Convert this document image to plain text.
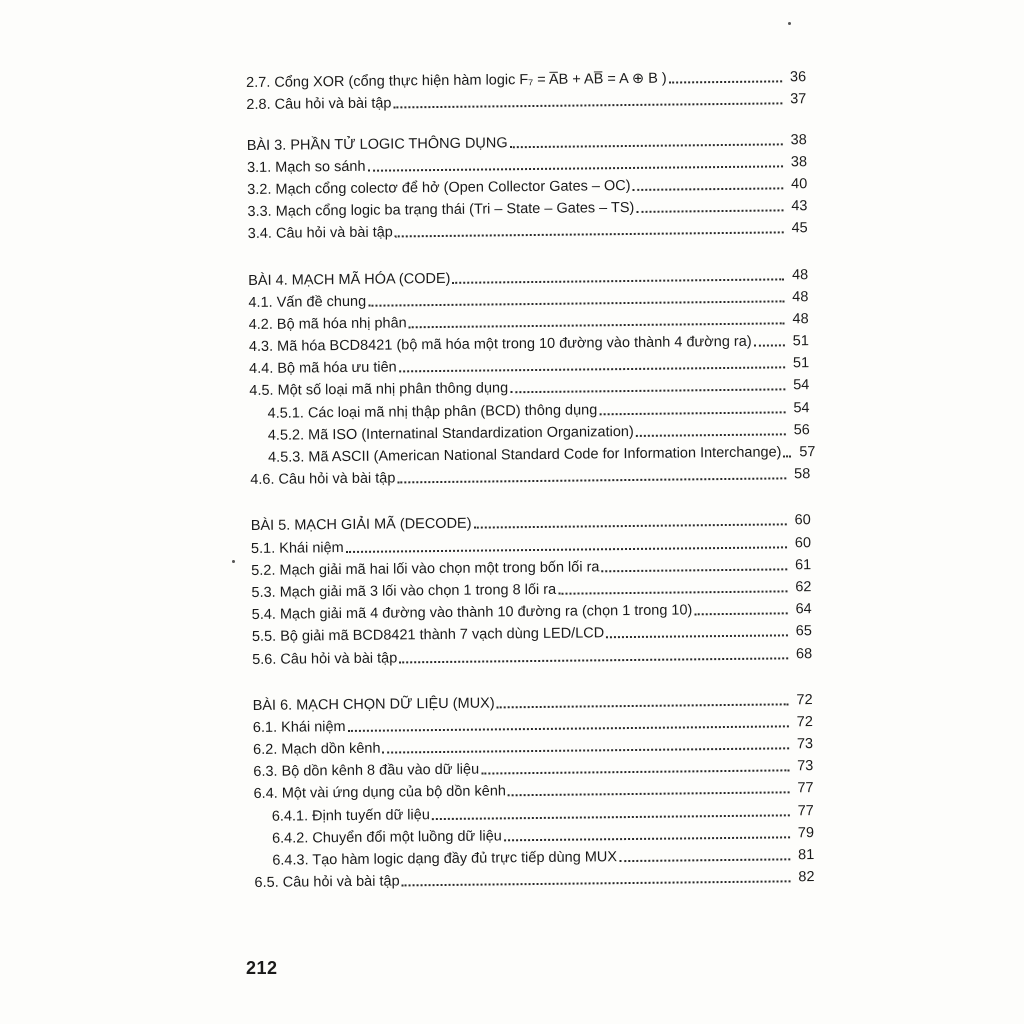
2.7. Cổng XOR (cổng thực hiện hàm logic F₇ = A̅B + AB̅ = A ⊕ B )	36
2.8. Câu hỏi và bài tập	37
BÀI 3. PHẦN TỬ LOGIC THÔNG DỤNG	38
3.1. Mạch so sánh	38
3.2. Mạch cổng colectơ để hở (Open Collector Gates – OC)	40
3.3. Mạch cổng logic ba trạng thái (Tri – State – Gates – TS)	43
3.4. Câu hỏi và bài tập	45
BÀI 4. MẠCH MÃ HÓA (CODE)	48
4.1. Vấn đề chung	48
4.2. Bộ mã hóa nhị phân	48
4.3. Mã hóa BCD8421 (bộ mã hóa một trong 10 đường vào thành 4 đường ra)	51
4.4. Bộ mã hóa ưu tiên	51
4.5. Một số loại mã nhị phân thông dụng	54
4.5.1. Các loại mã nhị thập phân (BCD) thông dụng	54
4.5.2. Mã ISO (Internatinal Standardization Organization)	56
4.5.3. Mã ASCII (American National Standard Code for Information Interchange)	57
4.6. Câu hỏi và bài tập	58
BÀI 5. MẠCH GIẢI MÃ (DECODE)	60
5.1. Khái niệm	60
5.2. Mạch giải mã hai lối vào chọn một trong bốn lối ra	61
5.3. Mạch giải mã 3 lối vào chọn 1 trong 8 lối ra	62
5.4. Mạch giải mã 4 đường vào thành 10 đường ra (chọn 1 trong 10)	64
5.5. Bộ giải mã BCD8421 thành 7 vạch dùng LED/LCD	65
5.6. Câu hỏi và bài tập	68
BÀI 6. MẠCH CHỌN DỮ LIỆU (MUX)	72
6.1. Khái niệm	72
6.2. Mạch dồn kênh	73
6.3. Bộ dồn kênh 8 đầu vào dữ liệu	73
6.4. Một vài ứng dụng của bộ dồn kênh	77
6.4.1. Định tuyến dữ liệu	77
6.4.2. Chuyển đổi một luồng dữ liệu	79
6.4.3. Tạo hàm logic dạng đầy đủ trực tiếp dùng MUX	81
6.5. Câu hỏi và bài tập	82
212
